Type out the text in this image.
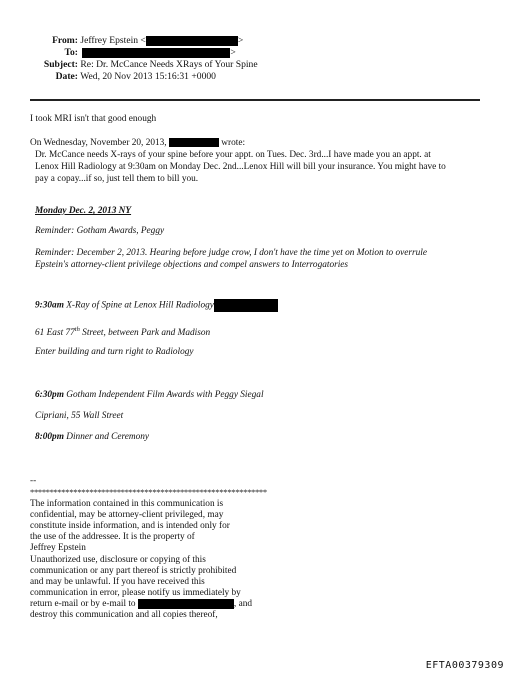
From: Jeffrey Epstein <	>
To:	>
Subject: Re: Dr. McCance Needs XRays of Your Spine
Date: Wed, 20 Nov 2013 15:16:31 +0000
I took MRI isn't that good enough
On Wednesday, November 20, 2013,	wrote:
Dr. McCance needs X-rays of your spine before your appt. on Tues. Dec. 3rd...I have made you an appt. at
Lenox Hill Radiology at 9:30am on Monday Dec. 2nd...Lenox Hill will bill your insurance. You might have to
pay a copay...if so, just tell them to bill you.
Monday Dec. 2, 2013 NY
Reminder: Gotham Awards, Peggy
Reminder: December 2, 2013. Hearing before judge crow, I don't have the time yet on Motion to overrule
Epstein's attorney-client privilege objections and compel answers to Interrogatories
9:30am X-Ray of Spine at Lenox Hill Radiology
61 East 77th Street, between Park and Madison
Enter building and turn right to Radiology
6:30pm Gotham Independent Film Awards with Peggy Siegal
Cipriani, 55 Wall Street
8:00pm Dinner and Ceremony
--
************************************************************
The information contained in this communication is
confidential, may be attorney-client privileged, may
constitute inside information, and is intended only for
the use of the addressee. It is the property of
Jeffrey Epstein
Unauthorized use, disclosure or copying of this
communication or any part thereof is strictly prohibited
and may be unlawful. If you have received this
communication in error, please notify us immediately by
return e-mail or by e-mail to	, and
destroy this communication and all copies thereof,
EFTA00379309
